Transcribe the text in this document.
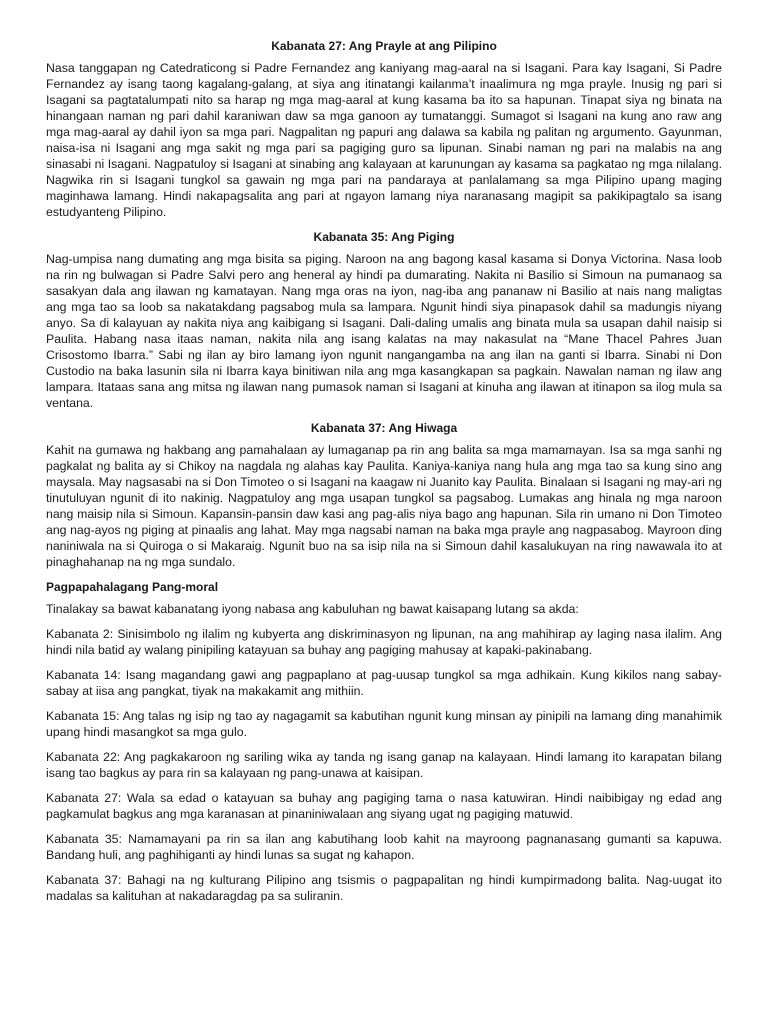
Kabanata 27: Ang Prayle at ang Pilipino

Nasa tanggapan ng Catedraticong si Padre Fernandez ang kaniyang mag-aaral na si Isagani. Para kay Isagani, Si Padre Fernandez ay isang taong kagalang-galang, at siya ang itinatangi kailanma’t inaalimura ng mga prayle. Inusig ng pari si Isagani sa pagtatalumpati nito sa harap ng mga mag-aaral at kung kasama ba ito sa hapunan. Tinapat siya ng binata na hinangaan naman ng pari dahil karaniwan daw sa mga ganoon ay tumatanggi. Sumagot si Isagani na kung ano raw ang mga mag-aaral ay dahil iyon sa mga pari. Nagpalitan ng papuri ang dalawa sa kabila ng palitan ng argumento. Gayunman, naisa-isa ni Isagani ang mga sakit ng mga pari sa pagiging guro sa lipunan. Sinabi naman ng pari na malabis na ang sinasabi ni Isagani. Nagpatuloy si Isagani at sinabing ang kalayaan at karunungan ay kasama sa pagkatao ng mga nilalang. Nagwika rin si Isagani tungkol sa gawain ng mga pari na pandaraya at panlalamang sa mga Pilipino upang maging maginhawa lamang. Hindi nakapagsalita ang pari at ngayon lamang niya naranasang magipit sa pakikipagtalo sa isang estudyanteng Pilipino.

Kabanata 35: Ang Piging

Nag-umpisa nang dumating ang mga bisita sa piging. Naroon na ang bagong kasal kasama si Donya Victorina. Nasa loob na rin ng bulwagan si Padre Salvi pero ang heneral ay hindi pa dumarating. Nakita ni Basilio si Simoun na pumanaog sa sasakyan dala ang ilawan ng kamatayan. Nang mga oras na iyon, nag-iba ang pananaw ni Basilio at nais nang maligtas ang mga tao sa loob sa nakatakdang pagsabog mula sa lampara. Ngunit hindi siya pinapasok dahil sa madungis niyang anyo. Sa di kalayuan ay nakita niya ang kaibigang si Isagani. Dali-daling umalis ang binata mula sa usapan dahil naisip si Paulita. Habang nasa itaas naman, nakita nila ang isang kalatas na may nakasulat na “Mane Thacel Pahres Juan Crisostomo Ibarra.” Sabi ng ilan ay biro lamang iyon ngunit nangangamba na ang ilan na ganti si Ibarra. Sinabi ni Don Custodio na baka lasunin sila ni Ibarra kaya binitiwan nila ang mga kasangkapan sa pagkain. Nawalan naman ng ilaw ang lampara. Itataas sana ang mitsa ng ilawan nang pumasok naman si Isagani at kinuha ang ilawan at itinapon sa ilog mula sa ventana.

Kabanata 37: Ang Hiwaga

Kahit na gumawa ng hakbang ang pamahalaan ay lumaganap pa rin ang balita sa mga mamamayan. Isa sa mga sanhi ng pagkalat ng balita ay si Chikoy na nagdala ng alahas kay Paulita. Kaniya-kaniya nang hula ang mga tao sa kung sino ang maysala. May nagsasabi na si Don Timoteo o si Isagani na kaagaw ni Juanito kay Paulita. Binalaan si Isagani ng may-ari ng tinutuluyan ngunit di ito nakinig. Nagpatuloy ang mga usapan tungkol sa pagsabog. Lumakas ang hinala ng mga naroon nang maisip nila si Simoun. Kapansin-pansin daw kasi ang pag-alis niya bago ang hapunan. Sila rin umano ni Don Timoteo ang nag-ayos ng piging at pinaalis ang lahat. May mga nagsabi naman na baka mga prayle ang nagpasabog. Mayroon ding naniniwala na si Quiroga o si Makaraig. Ngunit buo na sa isip nila na si Simoun dahil kasalukuyan na ring nawawala ito at pinaghahanap na ng mga sundalo.

Pagpapahalagang Pang-moral

Tinalakay sa bawat kabanatang iyong nabasa ang kabuluhan ng bawat kaisapang lutang sa akda:

Kabanata 2: Sinisimbolo ng ilalim ng kubyerta ang diskriminasyon ng lipunan, na ang mahihirap ay laging nasa ilalim. Ang hindi nila batid ay walang pinipiling katayuan sa buhay ang pagiging mahusay at kapaki-pakinabang.

Kabanata 14: Isang magandang gawi ang pagpaplano at pag-uusap tungkol sa mga adhikain. Kung kikilos nang sabay-sabay at iisa ang pangkat, tiyak na makakamit ang mithiin.

Kabanata 15: Ang talas ng isip ng tao ay nagagamit sa kabutihan ngunit kung minsan ay pinipili na lamang ding manahimik upang hindi masangkot sa mga gulo.

Kabanata 22: Ang pagkakaroon ng sariling wika ay tanda ng isang ganap na kalayaan. Hindi lamang ito karapatan bilang isang tao bagkus ay para rin sa kalayaan ng pang-unawa at kaisipan.

Kabanata 27: Wala sa edad o katayuan sa buhay ang pagiging tama o nasa katuwiran. Hindi naibibigay ng edad ang pagkamulat bagkus ang mga karanasan at pinaniniwalaan ang siyang ugat ng pagiging matuwid.

Kabanata 35: Namamayani pa rin sa ilan ang kabutihang loob kahit na mayroong pagnanasang gumanti sa kapuwa. Bandang huli, ang paghihiganti ay hindi lunas sa sugat ng kahapon.

Kabanata 37: Bahagi na ng kulturang Pilipino ang tsismis o pagpapalitan ng hindi kumpirmadong balita. Nag-uugat ito madalas sa kalituhan at nakadaragdag pa sa suliranin.
